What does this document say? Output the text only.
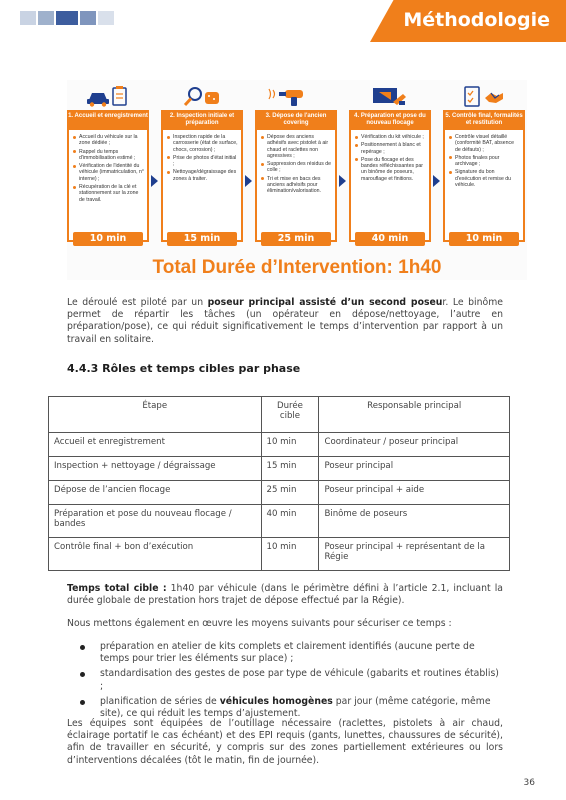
Méthodologie
1. Accueil et enregistrement
Accueil du véhicule sur la zone dédiée ;
Rappel du temps d'immobilisation estimé ;
Vérification de l'identité du véhicule (immatriculation, n° interne) ;
Récupération de la clé et stationnement sur la zone de travail.
10 min
2. Inspection initiale et préparation
Inspection rapide de la carrosserie (état de surface, chocs, corrosion) ;
Prise de photos d'état initial ;
Nettoyage/dégraissage des zones à traiter.
15 min
3. Dépose de l'ancien covering
Dépose des anciens adhésifs avec pistolet à air chaud et raclettes non agressives ;
Suppression des résidus de colle ;
Tri et mise en bacs des anciens adhésifs pour élimination/valorisation.
25 min
4. Préparation et pose du nouveau flocage
Vérification du kit véhicule ;
Positionnement à blanc et repérage ;
Pose du flocage et des bandes réfléchissantes par un binôme de poseurs, marouflage et finitions.
40 min
5. Contrôle final, formalités et restitution
Contrôle visuel détaillé (conformité BAT, absence de défauts) ;
Photos finales pour archivage ;
Signature du bon d'exécution et remise du véhicule.
10 min
Total Durée d’Intervention: 1h40

Le déroulé est piloté par un poseur principal assisté d’un second poseur. Le binôme permet de répartir les tâches (un opérateur en dépose/nettoyage, l’autre en préparation/pose), ce qui réduit significativement le temps d’intervention par rapport à un travail en solitaire.

4.4.3 Rôles et temps cibles par phase
Étape	Durée cible	Responsable principal
Accueil et enregistrement	10 min	Coordinateur / poseur principal
Inspection + nettoyage / dégraissage	15 min	Poseur principal
Dépose de l’ancien flocage	25 min	Poseur principal + aide
Préparation et pose du nouveau flocage / bandes	40 min	Binôme de poseurs
Contrôle final + bon d’exécution	10 min	Poseur principal + représentant de la Régie

Temps total cible : 1h40 par véhicule (dans le périmètre défini à l’article 2.1, incluant la durée globale de prestation hors trajet de dépose effectué par la Régie).

Nous mettons également en œuvre les moyens suivants pour sécuriser ce temps :

préparation en atelier de kits complets et clairement identifiés (aucune perte de temps pour trier les éléments sur place) ;
standardisation des gestes de pose par type de véhicule (gabarits et routines établis) ;
planification de séries de véhicules homogènes par jour (même catégorie, même site), ce qui réduit les temps d’ajustement.

Les équipes sont équipées de l’outillage nécessaire (raclettes, pistolets à air chaud, éclairage portatif le cas échéant) et des EPI requis (gants, lunettes, chaussures de sécurité), afin de travailler en sécurité, y compris sur des zones partiellement extérieures ou lors d’interventions décalées (tôt le matin, fin de journée).

36
